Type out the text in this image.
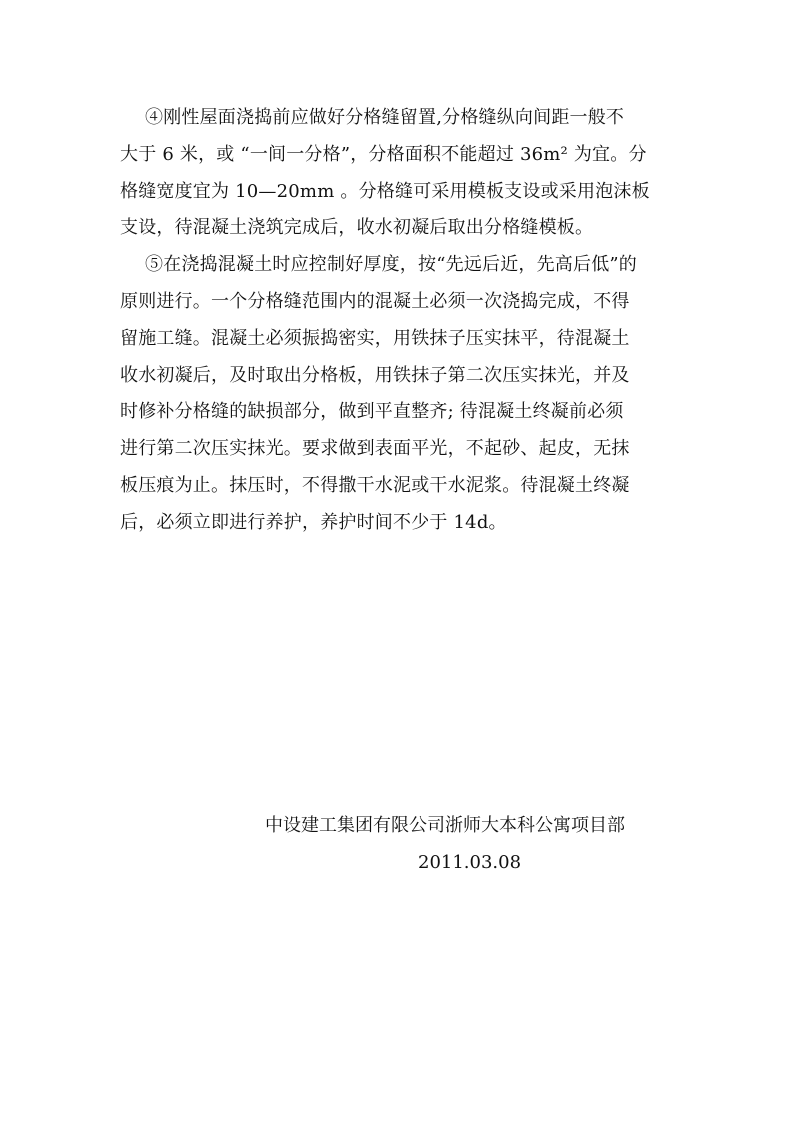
④刚性屋面浇捣前应做好分格缝留置,分格缝纵向间距一般不
大于 6 米，或 “一间一分格”，分格面积不能超过 36m² 为宜。分
格缝宽度宜为 10—20mm 。分格缝可采用模板支设或采用泡沫板
支设，待混凝土浇筑完成后，收水初凝后取出分格缝模板。
⑤在浇捣混凝土时应控制好厚度，按“先远后近，先高后低”的
原则进行。一个分格缝范围内的混凝土必须一次浇捣完成，不得
留施工缝。混凝土必须振捣密实，用铁抹子压实抹平，待混凝土
收水初凝后，及时取出分格板，用铁抹子第二次压实抹光，并及
时修补分格缝的缺损部分，做到平直整齐; 待混凝土终凝前必须
进行第二次压实抹光。要求做到表面平光，不起砂、起皮，无抹
板压痕为止。抹压时，不得撒干水泥或干水泥浆。待混凝土终凝
后，必须立即进行养护，养护时间不少于 14d。
中设建工集团有限公司浙师大本科公寓项目部
2011.03.08
